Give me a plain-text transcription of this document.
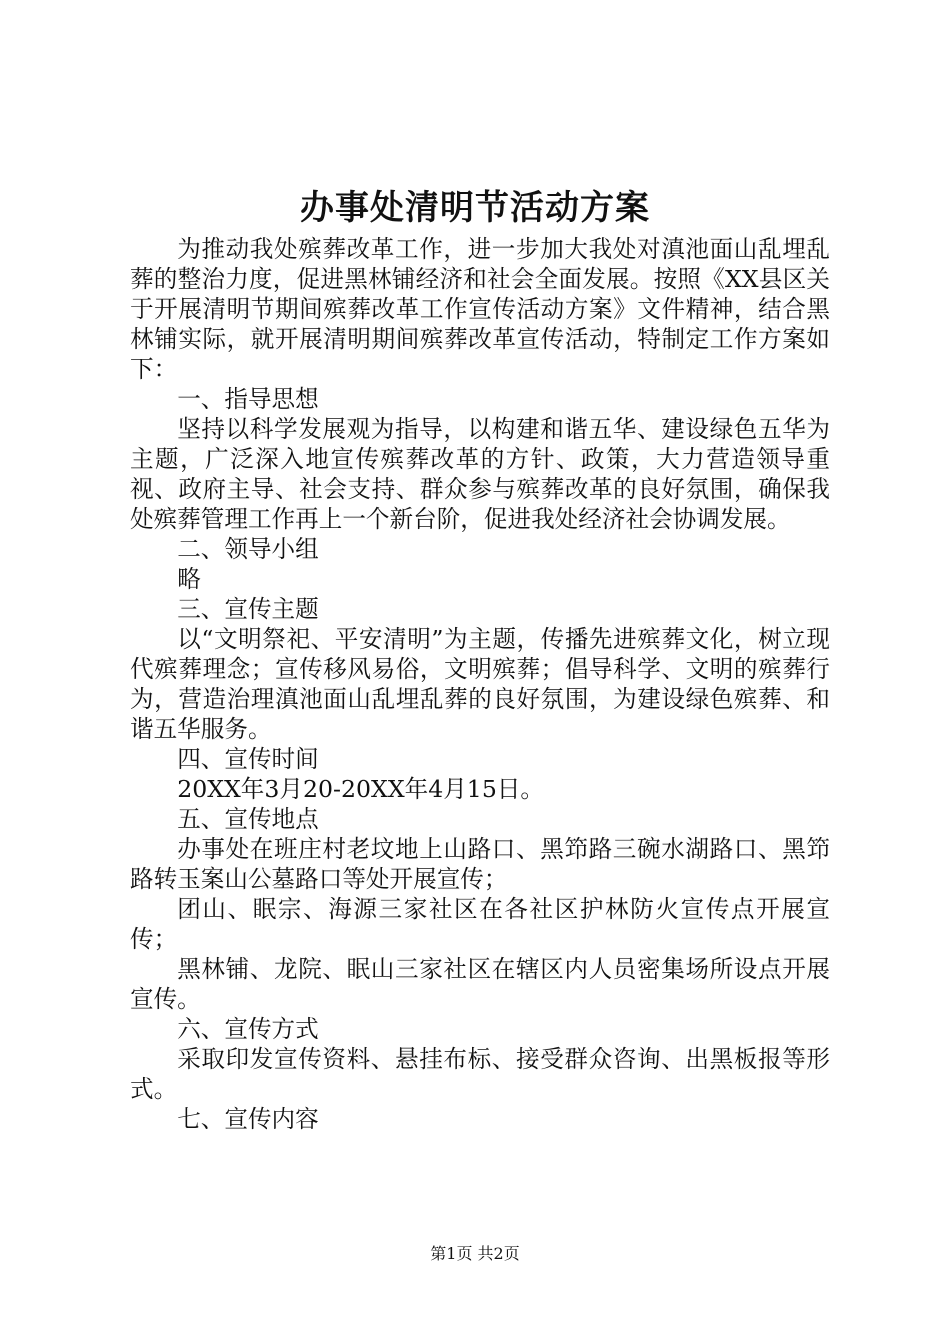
办事处清明节活动方案

为推动我处殡葬改革工作，进一步加大我处对滇池面山乱埋乱葬的整治力度，促进黑林铺经济和社会全面发展。按照《XX县区关于开展清明节期间殡葬改革工作宣传活动方案》文件精神，结合黑林铺实际，就开展清明期间殡葬改革宣传活动，特制定工作方案如下：

一、指导思想

坚持以科学发展观为指导，以构建和谐五华、建设绿色五华为主题，广泛深入地宣传殡葬改革的方针、政策，大力营造领导重视、政府主导、社会支持、群众参与殡葬改革的良好氛围，确保我处殡葬管理工作再上一个新台阶，促进我处经济社会协调发展。

二、领导小组

略

三、宣传主题

以“文明祭祀、平安清明”为主题，传播先进殡葬文化，树立现代殡葬理念；宣传移风易俗，文明殡葬；倡导科学、文明的殡葬行为，营造治理滇池面山乱埋乱葬的良好氛围，为建设绿色殡葬、和谐五华服务。

四、宣传时间

20XX年3月20-20XX年4月15日。

五、宣传地点

办事处在班庄村老坟地上山路口、黑笻路三碗水湖路口、黑笻路转玉案山公墓路口等处开展宣传；

团山、眠宗、海源三家社区在各社区护林防火宣传点开展宣传；

黑林铺、龙院、眠山三家社区在辖区内人员密集场所设点开展宣传。

六、宣传方式

采取印发宣传资料、悬挂布标、接受群众咨询、出黑板报等形式。

七、宣传内容

第1页 共2页
